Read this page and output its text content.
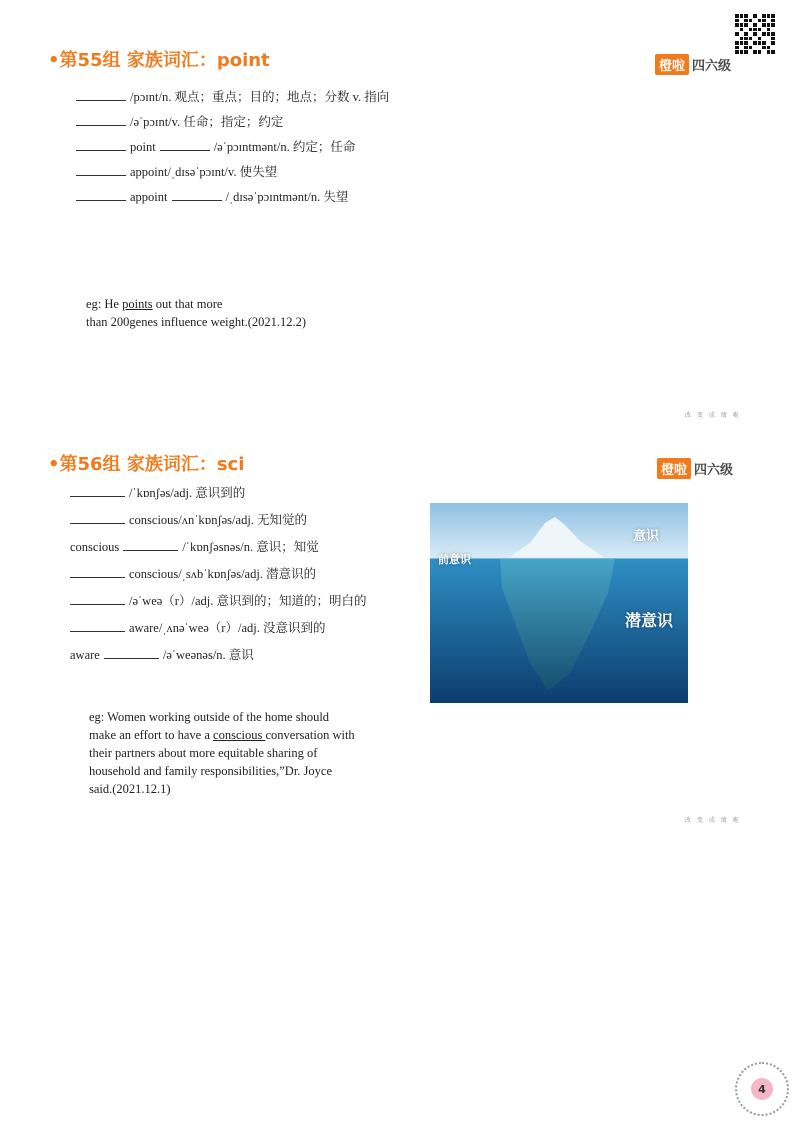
•第55组 家族词汇：point	橙啦 四六级
/pɔɪnt/n. 观点；重点；目的；地点；分数 v. 指向
/əˈpɔɪnt/v. 任命；指定；约定
point	/əˈpɔɪntmənt/n. 约定；任命
appoint/ˌdɪsəˈpɔɪnt/v. 使失望
appoint	/ˌdɪsəˈpɔɪntmənt/n. 失望

eg: He points out that more

than 200genes influence weight.(2021.12.2)

改 变 成 绩 啦
•第56组 家族词汇：sci	橙啦 四六级
/ˈkɒnʃəs/adj. 意识到的
conscious/ʌnˈkɒnʃəs/adj. 无知觉的
conscious	/ˈkɒnʃəsnəs/n. 意识；知觉
conscious/ˌsʌbˈkɒnʃəs/adj. 潜意识的
/əˈweə（r）/adj. 意识到的；知道的；明白的
aware/ˌʌnəˈweə（r）/adj. 没意识到的
aware	/əˈweənəs/n. 意识
意识
前意识
潜意识

eg: Women working outside of the home should

make an effort to have a conscious conversation with

their partners about more equitable sharing of

household and family responsibilities,”Dr. Joyce

said.(2021.12.1)

改 变 成 绩 啦
4
